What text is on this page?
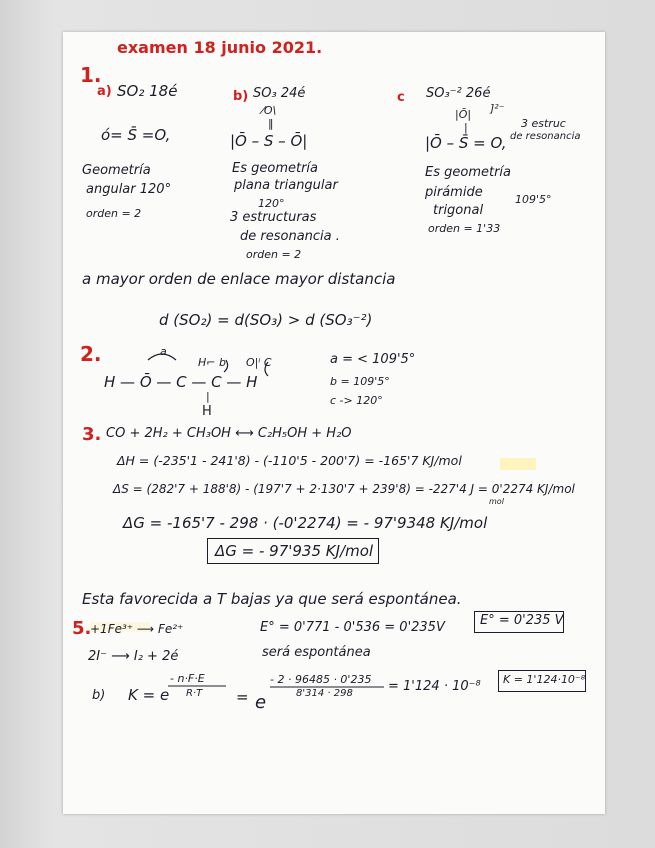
examen 18 junio 2021.
1.
a) SO₂ 18é
ó= S̄ =O,
Geometría
angular 120°
orden = 2
b) SO₃ 24é
⁄O\
‖
|Ō – S – Ō|
Es geometría
plana triangular
120°
3 estructuras
de resonancia .
orden = 2
c SO₃⁻² 26é
|Ō| ]²⁻
|
|Ō – S̄ = O,
3 estruc
de resonancia
Es geometría
pirámide
trigonal
109'5°
orden = 1'33
a mayor orden de enlace mayor distancia
d (SO₂) = d(SO₃) > d (SO₃⁻²)
2.	a
H⌐ b O|ⁱ C
H — Ō — C — C — H
|
H
a = < 109'5°
b = 109'5°
c -> 120°
3. CO + 2H₂ + CH₃OH ⟷ C₂H₅OH + H₂O
ΔH = (-235'1 - 241'8) - (-110'5 - 200'7) = -165'7 KJ/mol
ΔS = (282'7 + 188'8) - (197'7 + 2·130'7 + 239'8) = -227'4 J = 0'2274 KJ/mol
mol
ΔG = -165'7 - 298 · (-0'2274) = - 97'9348 KJ/mol
ΔG = - 97'935 KJ/mol
Esta favorecida a T bajas ya que será espontánea.
5.
+1Fe³⁺ ⟶ Fe²⁺	E° = 0'771 - 0'536 = 0'235V	E° = 0'235 V
2I⁻ ⟶ I₂ + 2é	será espontánea
b) K = e
- n·F·E
R·T = e
- 2 · 96485 · 0'235
8'314 · 298	= 1'124 · 10⁻⁸ K = 1'124·10⁻⁸
